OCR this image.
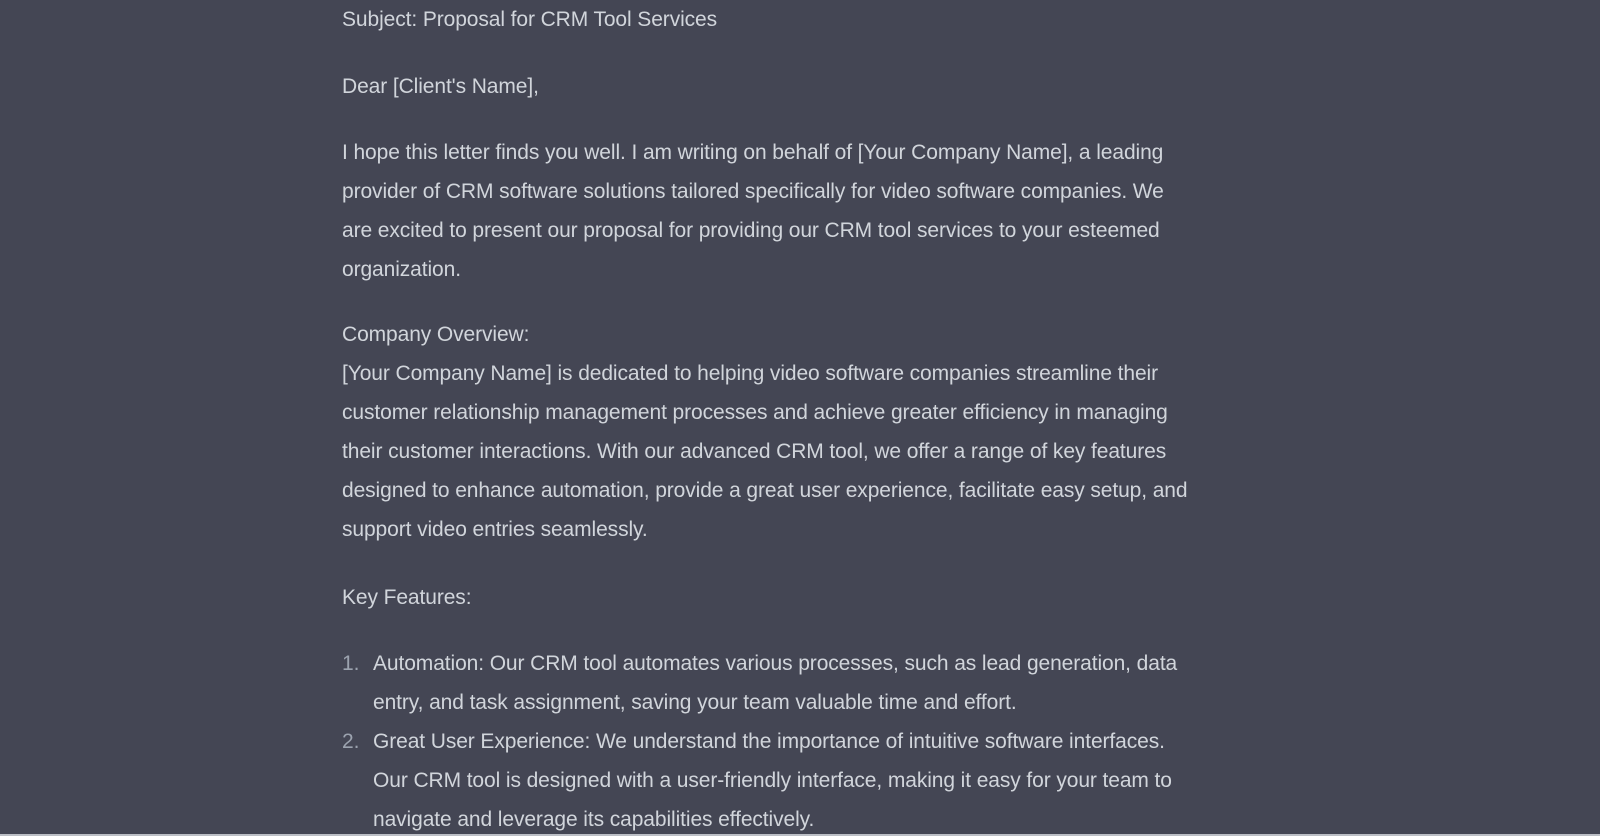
Subject: Proposal for CRM Tool Services

Dear [Client's Name],

I hope this letter finds you well. I am writing on behalf of [Your Company Name], a leading
provider of CRM software solutions tailored specifically for video software companies. We
are excited to present our proposal for providing our CRM tool services to your esteemed
organization.

Company Overview:
[Your Company Name] is dedicated to helping video software companies streamline their
customer relationship management processes and achieve greater efficiency in managing
their customer interactions. With our advanced CRM tool, we offer a range of key features
designed to enhance automation, provide a great user experience, facilitate easy setup, and
support video entries seamlessly.

Key Features:

1. Automation: Our CRM tool automates various processes, such as lead generation, data
entry, and task assignment, saving your team valuable time and effort.
2. Great User Experience: We understand the importance of intuitive software interfaces.
Our CRM tool is designed with a user-friendly interface, making it easy for your team to
navigate and leverage its capabilities effectively.
